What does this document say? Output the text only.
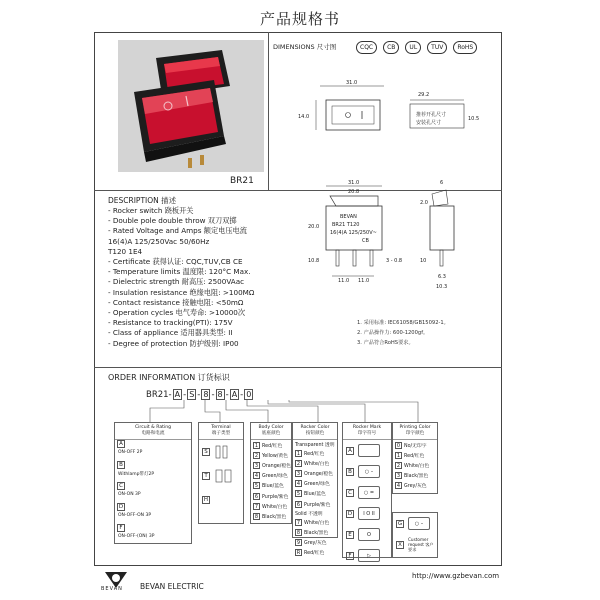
产品规格书
BR21
DIMENSIONS 尺寸图	CQC	CB	UL	TUV	RoHS
31.0
14.0
29.2
推荐开孔尺寸
安装孔尺寸
10.5
31.0
20.8
BEVAN
BR21 T120
16(4)A 125/250V~
CB
20.0
10.8	3 - 0.8
11.0 11.0
6
2.0
10
6.3
10.3
DESCRIPTION 描述
- Rocker switch 跷板开关
- Double pole double throw 双刀双掷
- Rated Voltage and Amps 额定电压电流
16(4)A 125/250Vac 50/60Hz
T120 1E4
- Certificate 获得认证: CQC,TUV,CB CE
- Temperature limits 温度限: 120°C Max.
- Dielectric strength 耐高压: 2500VAac
- Insulation resistance 绝缘电阻: >100MΩ
- Contact resistance 接触电阻: <50mΩ
- Operation cycles 电气寿命: >10000次
- Resistance to tracking(PTI): 175V
- Class of appliance 适用器具类型: II
- Degree of protection 防护级别: IP00
1. 采用标准: IEC61058/GB15092-1。
2. 产品操作力: 600-1200gf。
3. 产品符合RoHS要求。
ORDER INFORMATION 订货标识
BR21- A - S - 8 - 8 - A - 0
Circuit & Rating
电路和电流
A
ON-OFF 2P
B
Withlamp带灯2P
C
ON-ON 3P
D
ON-OFF-ON 3P
F
ON-OFF-(ON) 3P
Terminal
端子类型
S
T
H
Body Color
底座颜色
1 Red/红色
2 Yellow/黄色
3 Orange/橙色
4 Green/绿色
5 Blue/蓝色
6 Purple/紫色
7 White/白色
8 Black/黑色
Rocker Color
按钮颜色
Transparent 透明
1 Red/红色
2 White/白色
3 Orange/橙色
4 Green/绿色
5 Blue/蓝色
6 Purple/紫色
Solid 不透明
7 White/白色
8 Black/黑色
9 Grey/灰色
R Red/红色
Rocker Mark
印字符号
A
B	○ –
C	○ =
D	I O II
E	O
F	▷
G	○ –
X
Customer request 客户要求
Printing Color
印字颜色
0 No/无印字
1 Red/红色
2 White/白色
3 Black/黑色
4 Grey/灰色
BEVAN BEVAN ELECTRIC
http://www.gzbevan.com
